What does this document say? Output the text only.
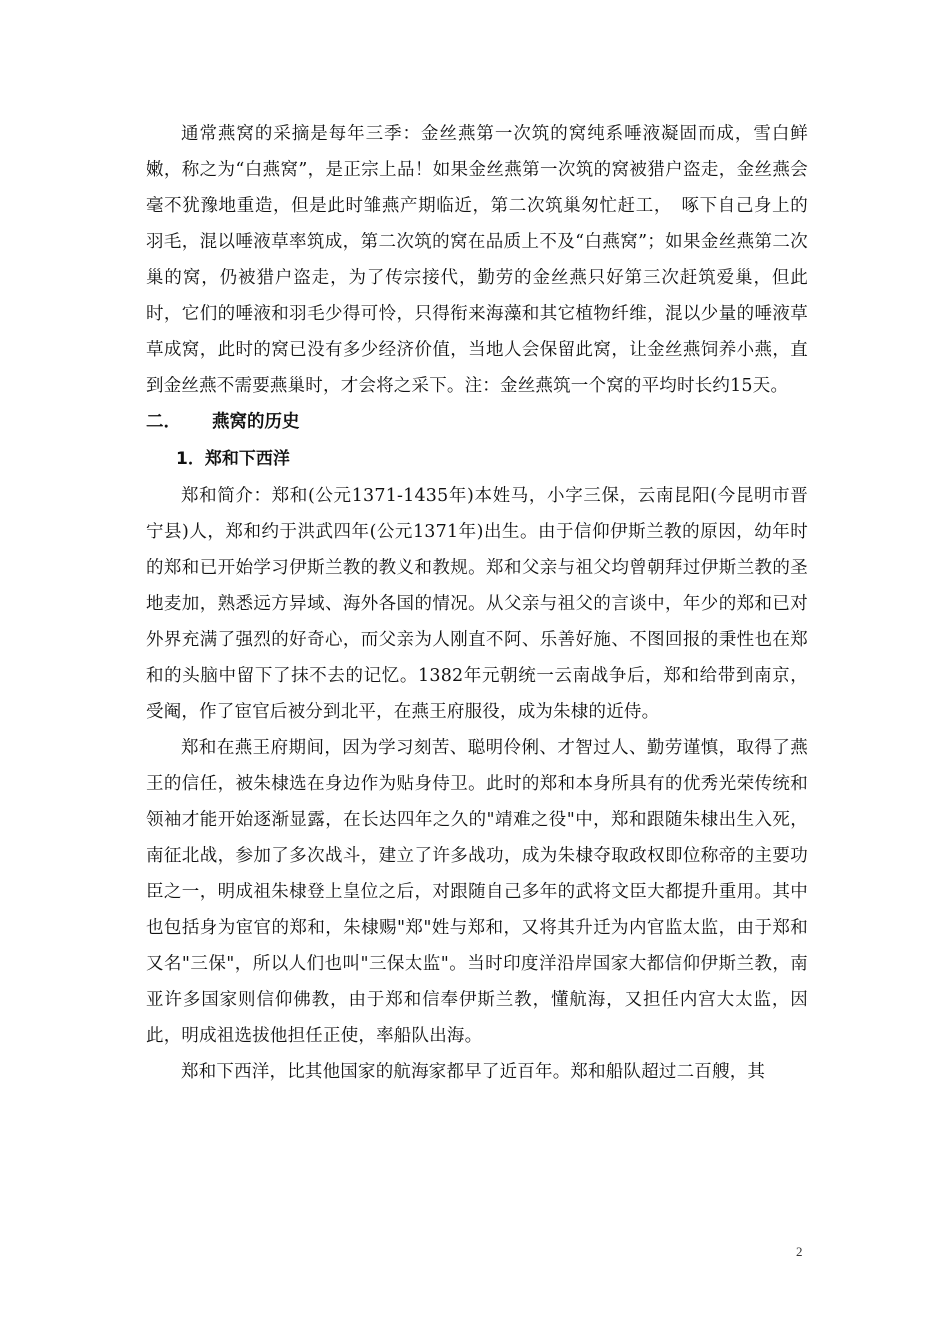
通常燕窝的采摘是每年三季：金丝燕第一次筑的窝纯系唾液凝固而成，雪白鲜嫩，称之为“白燕窝”，是正宗上品！如果金丝燕第一次筑的窝被猎户盗走，金丝燕会毫不犹豫地重造，但是此时雏燕产期临近，第二次筑巢匆忙赶工，　啄下自己身上的羽毛，混以唾液草率筑成，第二次筑的窝在品质上不及“白燕窝”；如果金丝燕第二次巢的窝，仍被猎户盗走，为了传宗接代，勤劳的金丝燕只好第三次赶筑爱巢，但此时，它们的唾液和羽毛少得可怜，只得衔来海藻和其它植物纤维，混以少量的唾液草草成窝，此时的窝已没有多少经济价值，当地人会保留此窝，让金丝燕饲养小燕，直到金丝燕不需要燕巢时，才会将之采下。注：金丝燕筑一个窝的平均时长约15天。

二．	燕窝的历史

1．郑和下西洋

郑和简介：郑和(公元1371-1435年)本姓马，小字三保，云南昆阳(今昆明市晋宁县)人，郑和约于洪武四年(公元1371年)出生。由于信仰伊斯兰教的原因，幼年时的郑和已开始学习伊斯兰教的教义和教规。郑和父亲与祖父均曾朝拜过伊斯兰教的圣地麦加，熟悉远方异域、海外各国的情况。从父亲与祖父的言谈中，年少的郑和已对外界充满了强烈的好奇心，而父亲为人刚直不阿、乐善好施、不图回报的秉性也在郑和的头脑中留下了抹不去的记忆。1382年元朝统一云南战争后，郑和给带到南京，受阉，作了宦官后被分到北平，在燕王府服役，成为朱棣的近侍。

郑和在燕王府期间，因为学习刻苦、聪明伶俐、才智过人、勤劳谨慎，取得了燕王的信任，被朱棣选在身边作为贴身侍卫。此时的郑和本身所具有的优秀光荣传统和领袖才能开始逐渐显露，在长达四年之久的"靖难之役"中，郑和跟随朱棣出生入死，南征北战，参加了多次战斗，建立了许多战功，成为朱棣夺取政权即位称帝的主要功臣之一，明成祖朱棣登上皇位之后，对跟随自己多年的武将文臣大都提升重用。其中也包括身为宦官的郑和，朱棣赐"郑"姓与郑和，又将其升迁为内官监太监，由于郑和又名"三保"，所以人们也叫"三保太监"。当时印度洋沿岸国家大都信仰伊斯兰教，南亚许多国家则信仰佛教，由于郑和信奉伊斯兰教，懂航海，又担任内宫大太监，因此，明成祖选拔他担任正使，率船队出海。

郑和下西洋，比其他国家的航海家都早了近百年。郑和船队超过二百艘，其

2
